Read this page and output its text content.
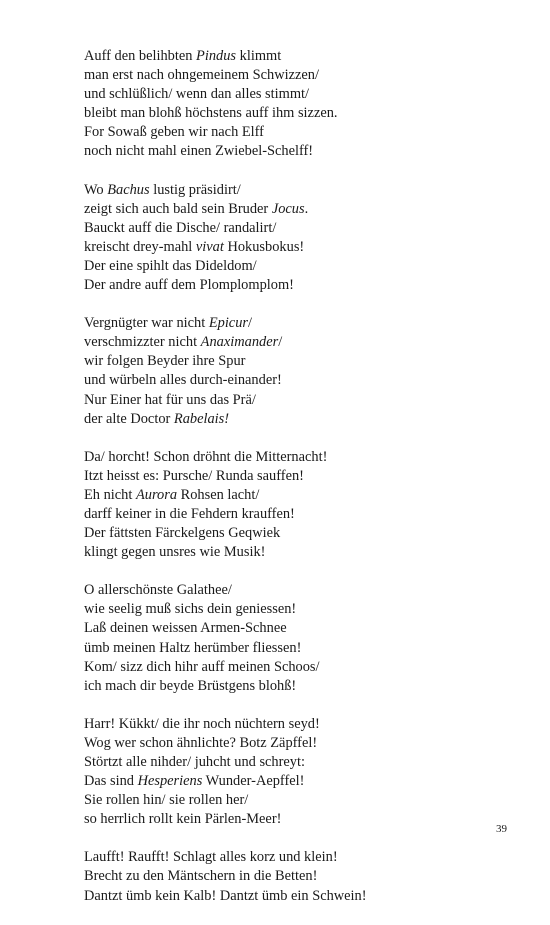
Auff den belihbten Pindus klimmt
man erst nach ohngemeinem Schwizzen/
und schlüßlich/ wenn dan alles stimmt/
bleibt man blohß höchstens auff ihm sizzen.
For Sowaß geben wir nach Elff
noch nicht mahl einen Zwiebel-Schelff!
Wo Bachus lustig präsidirt/
zeigt sich auch bald sein Bruder Jocus.
Bauckt auff die Dische/ randalirt/
kreischt drey-mahl vivat Hokusbokus!
Der eine spihlt das Dideldom/
Der andre auff dem Plomplomplom!
Vergnügter war nicht Epicur/
verschmizzter nicht Anaximander/
wir folgen Beyder ihre Spur
und würbeln alles durch-einander!
Nur Einer hat für uns das Prä/
der alte Doctor Rabelais!
Da/ horcht! Schon dröhnt die Mitternacht!
Itzt heisst es: Pursche/ Runda sauffen!
Eh nicht Aurora Rohsen lacht/
darff keiner in die Fehdern krauffen!
Der fättsten Färckelgens Geqwiek
klingt gegen unsres wie Musik!
O allerschönste Galathee/
wie seelig muß sichs dein geniessen!
Laß deinen weissen Armen-Schnee
ümb meinen Haltz herümber fliessen!
Kom/ sizz dich hihr auff meinen Schoos/
ich mach dir beyde Brüstgens blohß!
Harr! Kükkt/ die ihr noch nüchtern seyd!
Wog wer schon ähnlichte? Botz Zäpffel!
Störtzt alle nihder/ juhcht und schreyt:
Das sind Hesperiens Wunder-Aepffel!
Sie rollen hin/ sie rollen her/
so herrlich rollt kein Pärlen-Meer!
Laufft! Raufft! Schlagt alles korz und klein!
Brecht zu den Mäntschern in die Betten!
Dantzt ümb kein Kalb! Dantzt ümb ein Schwein!
39
